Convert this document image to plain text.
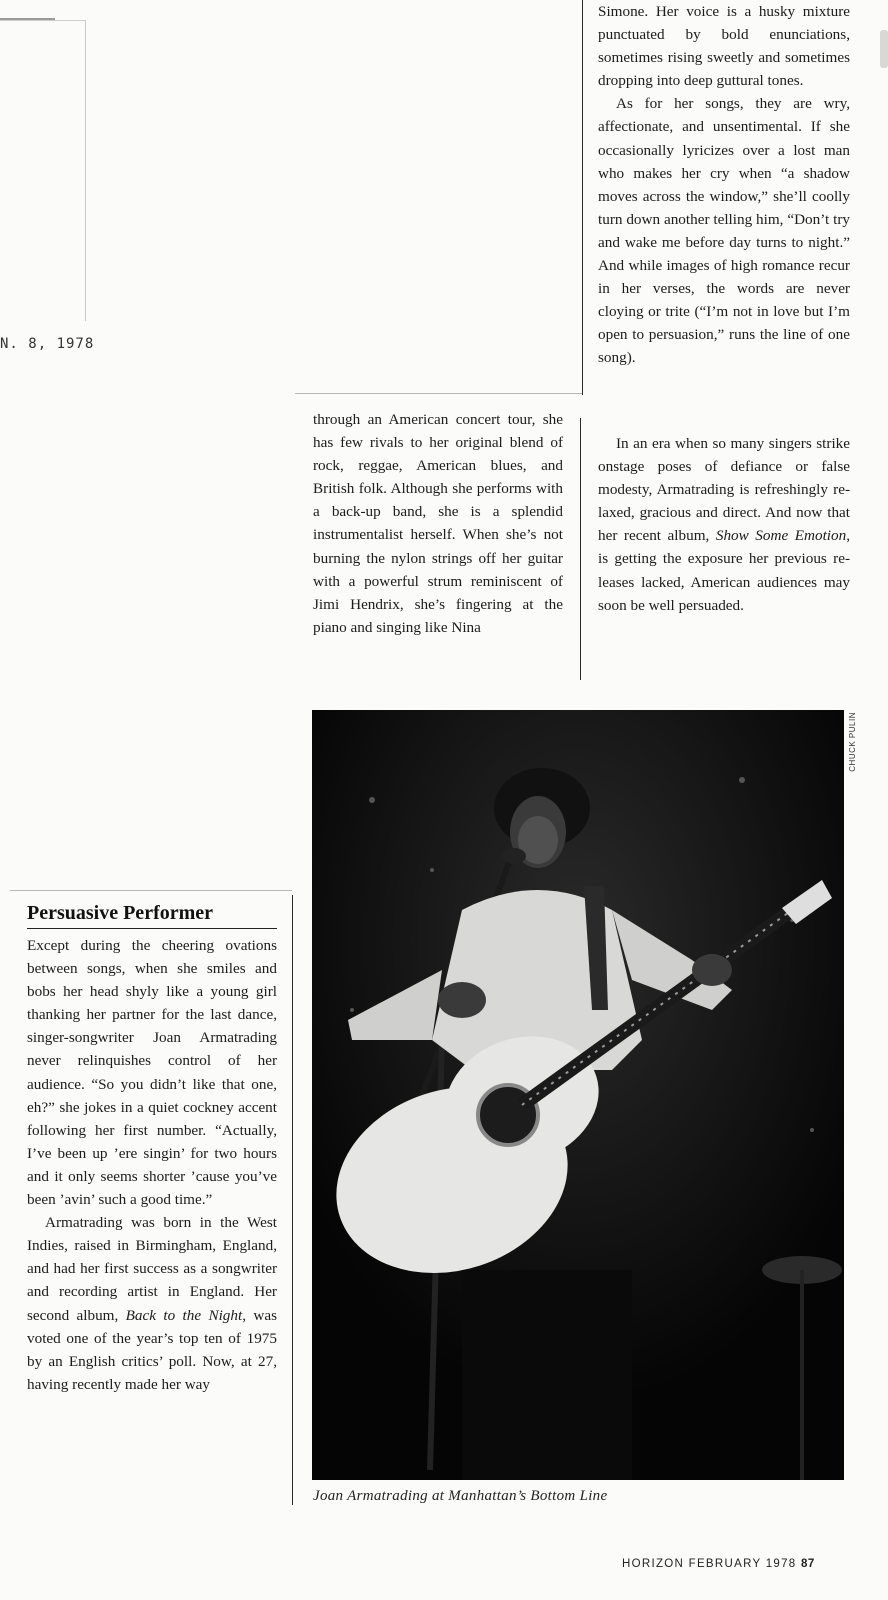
N. 8, 1978

Simone. Her voice is a husky mixture punctuated by bold enunciations, sometimes rising sweetly and sometimes dropping into deep guttural tones.

As for her songs, they are wry, affectionate, and unsentimental. If she occasionally lyricizes over a lost man who makes her cry when “a shadow moves across the window,” she’ll coolly turn down another telling him, “Don’t try and wake me before day turns to night.” And while images of high romance recur in her verses, the words are never cloying or trite (“I’m not in love but I’m open to persuasion,” runs the line of one song).

through an American concert tour, she has few rivals to her original blend of rock, reggae, American blues, and British folk. Although she performs with a back-up band, she is a splendid instrumentalist herself. When she’s not burning the nylon strings off her guitar with a powerful strum reminiscent of Jimi Hendrix, she’s fingering at the piano and singing like Nina

In an era when so many singers strike onstage poses of defiance or false modesty, Armatrading is refreshingly relaxed, gracious and direct. And now that her recent album, Show Some Emotion, is getting the exposure her previous releases lacked, American audiences may soon be well persuaded.

Persuasive Performer

Except during the cheering ovations between songs, when she smiles and bobs her head shyly like a young girl thanking her partner for the last dance, singer-songwriter Joan Armatrading never relinquishes control of her audience. “So you didn’t like that one, eh?” she jokes in a quiet cockney accent following her first number. “Actually, I’ve been up ’ere singin’ for two hours and it only seems shorter ’cause you’ve been ’avin’ such a good time.”

Armatrading was born in the West Indies, raised in Birmingham, England, and had her first success as a songwriter and recording artist in England. Her second album, Back to the Night, was voted one of the year’s top ten of 1975 by an English critics’ poll. Now, at 27, having recently made her way

CHUCK PULIN
Joan Armatrading at Manhattan’s Bottom Line
HORIZON FEBRUARY 1978 87
